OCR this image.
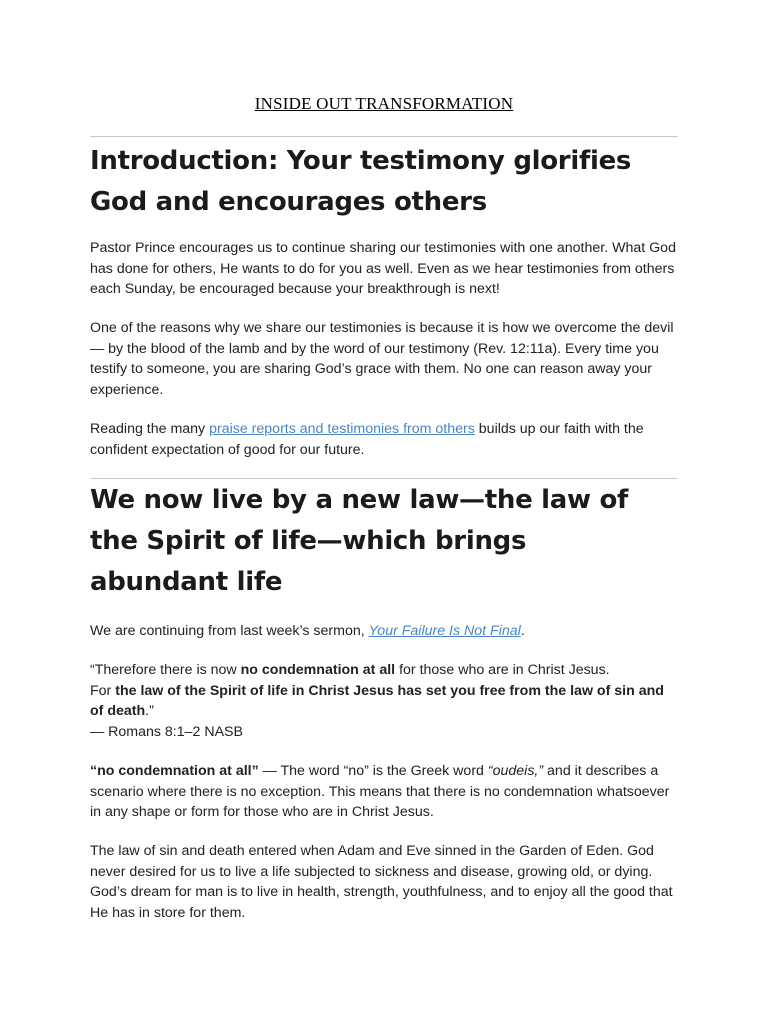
INSIDE OUT TRANSFORMATION
Introduction: Your testimony glorifies
God and encourages others

Pastor Prince encourages us to continue sharing our testimonies with one another. What God has done for others, He wants to do for you as well. Even as we hear testimonies from others each Sunday, be encouraged because your breakthrough is next!

One of the reasons why we share our testimonies is because it is how we overcome the devil— by the blood of the lamb and by the word of our testimony (Rev. 12:11a). Every time you testify to someone, you are sharing God’s grace with them. No one can reason away your experience.

Reading the many praise reports and testimonies from others builds up our faith with the confident expectation of good for our future.

We now live by a new law—the law of
the Spirit of life—which brings
abundant life

We are continuing from last week’s sermon, Your Failure Is Not Final.

“Therefore there is now no condemnation at all for those who are in Christ Jesus.
For the law of the Spirit of life in Christ Jesus has set you free from the law of sin and of death.”
— Romans 8:1–2 NASB

“no condemnation at all” — The word “no” is the Greek word “oudeis,” and it describes a scenario where there is no exception. This means that there is no condemnation whatsoever in any shape or form for those who are in Christ Jesus.

The law of sin and death entered when Adam and Eve sinned in the Garden of Eden. God never desired for us to live a life subjected to sickness and disease, growing old, or dying. God’s dream for man is to live in health, strength, youthfulness, and to enjoy all the good that He has in store for them.
